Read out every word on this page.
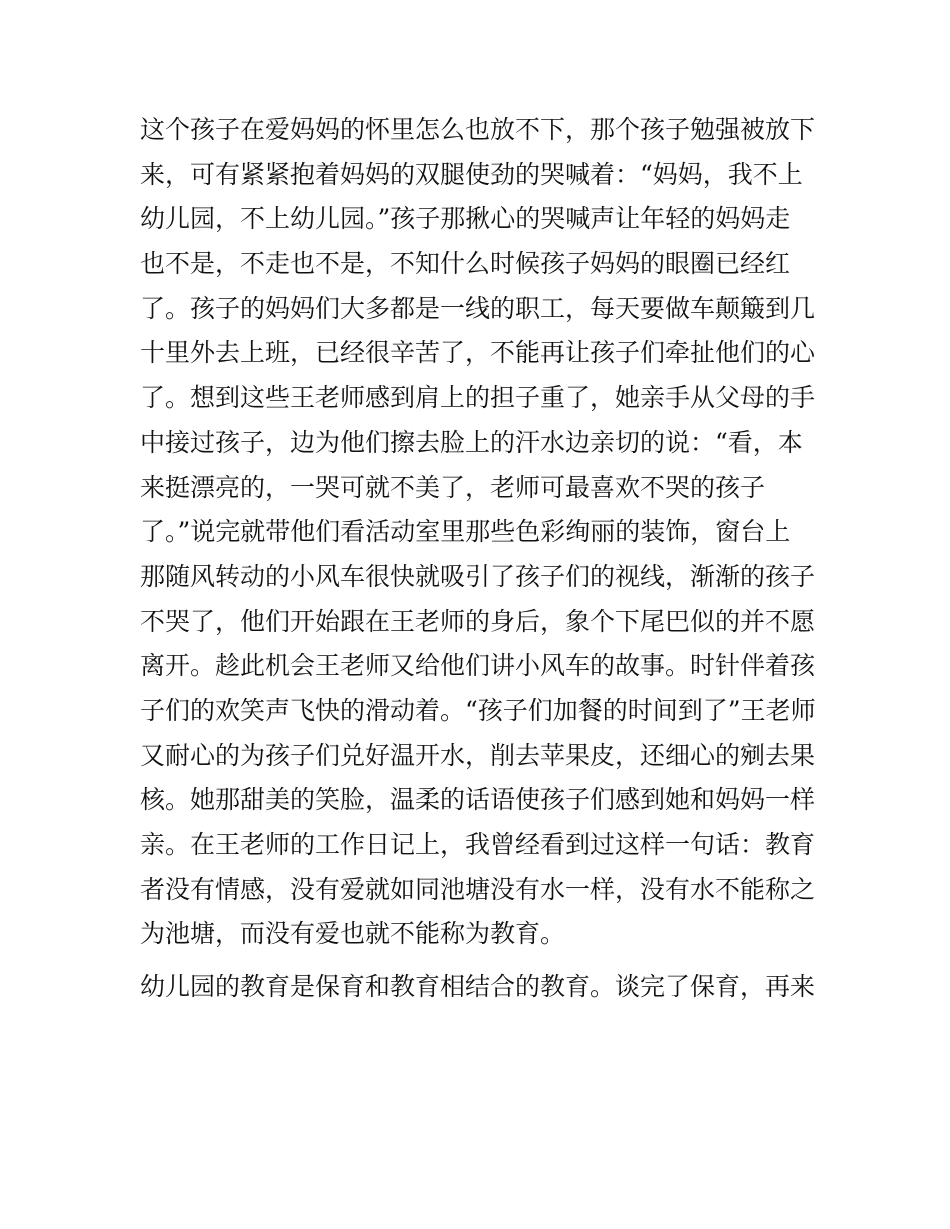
这个孩子在爱妈妈的怀里怎么也放不下，那个孩子勉强被放下
来，可有紧紧抱着妈妈的双腿使劲的哭喊着：“妈妈，我不上
幼儿园，不上幼儿园。”孩子那揪心的哭喊声让年轻的妈妈走
也不是，不走也不是，不知什么时候孩子妈妈的眼圈已经红
了。孩子的妈妈们大多都是一线的职工，每天要做车颠簸到几
十里外去上班，已经很辛苦了，不能再让孩子们牵扯他们的心
了。想到这些王老师感到肩上的担子重了，她亲手从父母的手
中接过孩子，边为他们擦去脸上的汗水边亲切的说：“看，本
来挺漂亮的，一哭可就不美了，老师可最喜欢不哭的孩子
了。”说完就带他们看活动室里那些色彩绚丽的装饰，窗台上
那随风转动的小风车很快就吸引了孩子们的视线，渐渐的孩子
不哭了，他们开始跟在王老师的身后，象个下尾巴似的并不愿
离开。趁此机会王老师又给他们讲小风车的故事。时针伴着孩
子们的欢笑声飞快的滑动着。“孩子们加餐的时间到了”王老师
又耐心的为孩子们兑好温开水，削去苹果皮，还细心的剜去果
核。她那甜美的笑脸，温柔的话语使孩子们感到她和妈妈一样
亲。在王老师的工作日记上，我曾经看到过这样一句话：教育
者没有情感，没有爱就如同池塘没有水一样，没有水不能称之
为池塘，而没有爱也就不能称为教育。
幼儿园的教育是保育和教育相结合的教育。谈完了保育，再来
